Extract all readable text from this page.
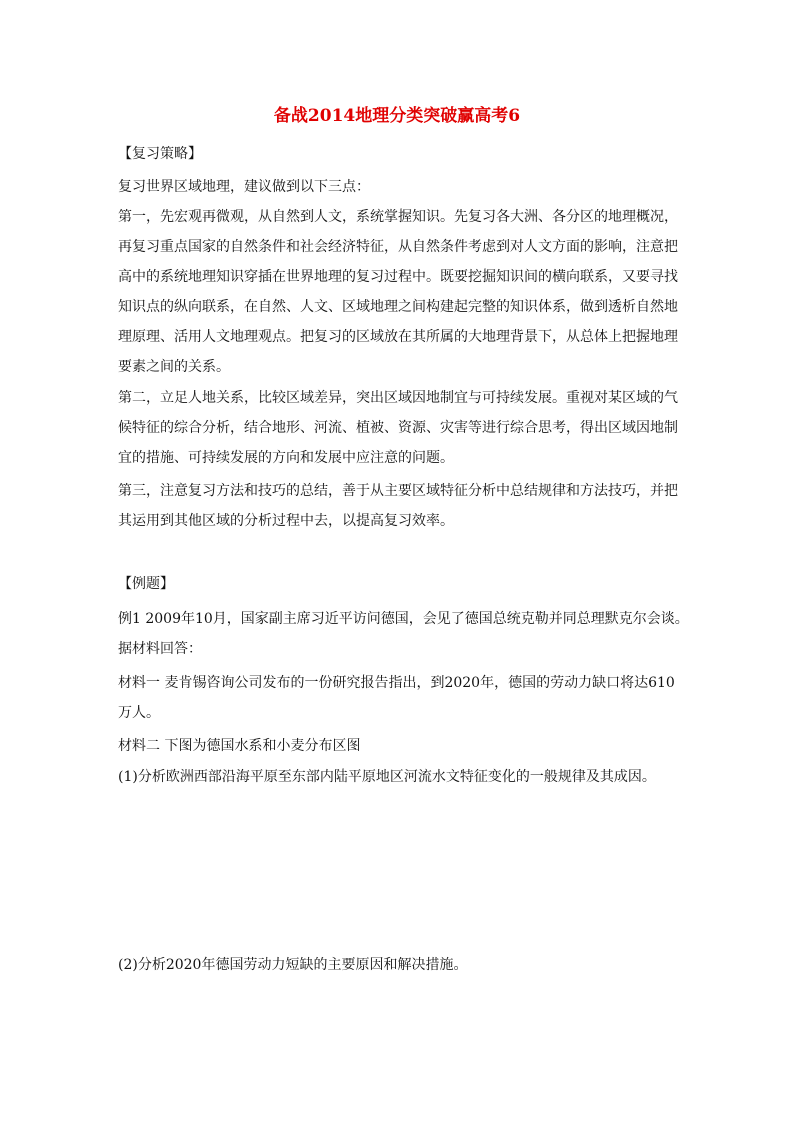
备战2014地理分类突破赢高考6

【复习策略】

复习世界区域地理，建议做到以下三点：

第一，先宏观再微观，从自然到人文，系统掌握知识。先复习各大洲、各分区的地理概况，

再复习重点国家的自然条件和社会经济特征，从自然条件考虑到对人文方面的影响，注意把

高中的系统地理知识穿插在世界地理的复习过程中。既要挖掘知识间的横向联系，又要寻找

知识点的纵向联系，在自然、人文、区域地理之间构建起完整的知识体系，做到透析自然地

理原理、活用人文地理观点。把复习的区域放在其所属的大地理背景下，从总体上把握地理

要素之间的关系。

第二，立足人地关系，比较区域差异，突出区域因地制宜与可持续发展。重视对某区域的气

候特征的综合分析，结合地形、河流、植被、资源、灾害等进行综合思考，得出区域因地制

宜的措施、可持续发展的方向和发展中应注意的问题。

第三，注意复习方法和技巧的总结，善于从主要区域特征分析中总结规律和方法技巧，并把

其运用到其他区域的分析过程中去，以提高复习效率。

【例题】

例1 2009年10月，国家副主席习近平访问德国，会见了德国总统克勒并同总理默克尔会谈。

据材料回答：

材料一 麦肯锡咨询公司发布的一份研究报告指出，到2020年，德国的劳动力缺口将达610

万人。

材料二 下图为德国水系和小麦分布区图

(1)分析欧洲西部沿海平原至东部内陆平原地区河流水文特征变化的一般规律及其成因。

(2)分析2020年德国劳动力短缺的主要原因和解决措施。
